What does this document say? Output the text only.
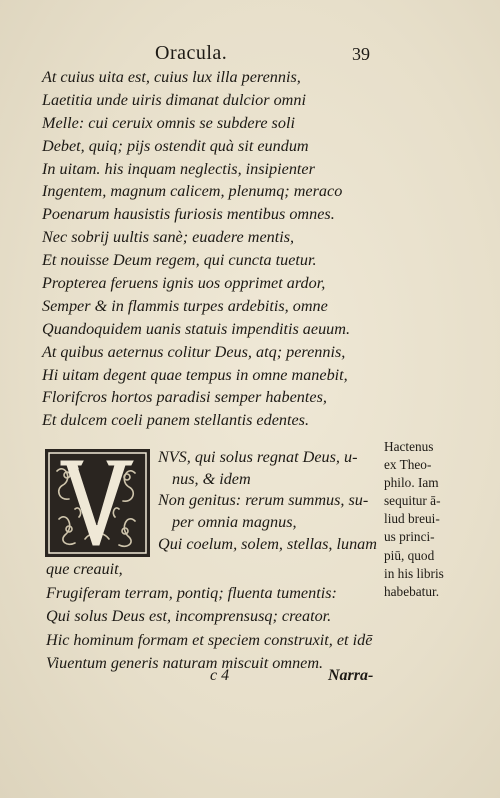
Oracula.	39
At cuius uita est, cuius lux illa perennis,
Laetitia unde uiris dimanat dulcior omni
Melle: cui ceruix omnis se subdere soli
Debet, quiq; pijs ostendit quà sit eundum
In uitam. his inquam neglectis, insipienter
Ingentem, magnum calicem, plenumq; meraco
Poenarum hausistis furiosis mentibus omnes.
Nec sobrij uultis sanè; euadere mentis,
Et nouisse Deum regem, qui cuncta tuetur.
Propterea feruens ignis uos opprimet ardor,
Semper & in flammis turpes ardebitis, omne
Quandoquidem uanis statuis impenditis aeuum.
At quibus aeternus colitur Deus, atq; perennis,
Hi uitam degent quae tempus in omne manebit,
Florifcros hortos paradisi semper habentes,
Et dulcem coeli panem stellantis edentes.
NVS, qui solus regnat Deus, u-
nus, & idem
Non genitus: rerum summus, su-
per omnia magnus,
Qui coelum, solem, stellas, lunam
que creauit,
Frugiferam terram, pontiq; fluenta tumentis:
Qui solus Deus est, incomprensusq; creator.
Hic hominum formam et speciem construxit, et idē
Viuentum generis naturam miscuit omnem.
Hactenus
ex Theo-
philo. Iam
sequitur ā-
liud breui-
us princi-
piū, quod
in his libris
habebatur.
c 4	Narra-
